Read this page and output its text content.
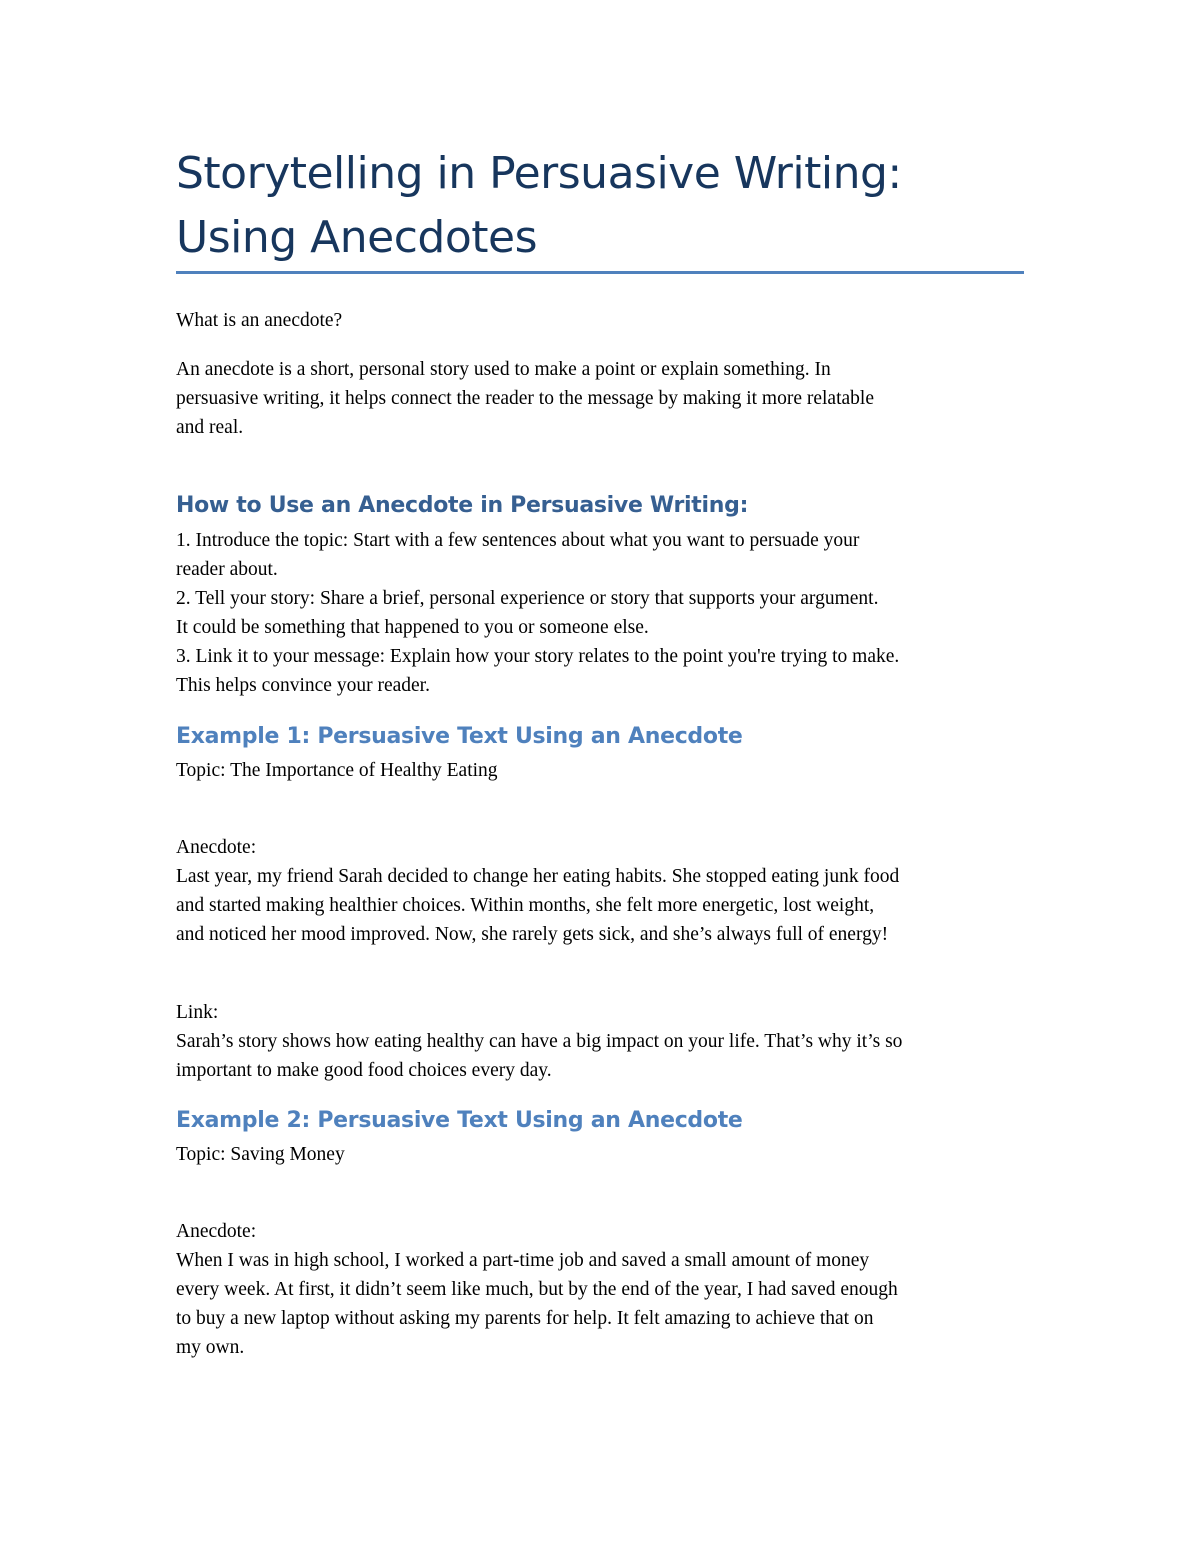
Storytelling in Persuasive Writing: Using Anecdotes

What is an anecdote?

An anecdote is a short, personal story used to make a point or explain something. In
persuasive writing, it helps connect the reader to the message by making it more relatable
and real.

How to Use an Anecdote in Persuasive Writing:

1. Introduce the topic: Start with a few sentences about what you want to persuade your
reader about.
2. Tell your story: Share a brief, personal experience or story that supports your argument.
It could be something that happened to you or someone else.
3. Link it to your message: Explain how your story relates to the point you're trying to make.
This helps convince your reader.

Example 1: Persuasive Text Using an Anecdote

Topic: The Importance of Healthy Eating

Anecdote:

Last year, my friend Sarah decided to change her eating habits. She stopped eating junk food
and started making healthier choices. Within months, she felt more energetic, lost weight,
and noticed her mood improved. Now, she rarely gets sick, and she’s always full of energy!

Link:

Sarah’s story shows how eating healthy can have a big impact on your life. That’s why it’s so
important to make good food choices every day.

Example 2: Persuasive Text Using an Anecdote

Topic: Saving Money

Anecdote:

When I was in high school, I worked a part-time job and saved a small amount of money
every week. At first, it didn’t seem like much, but by the end of the year, I had saved enough
to buy a new laptop without asking my parents for help. It felt amazing to achieve that on
my own.
